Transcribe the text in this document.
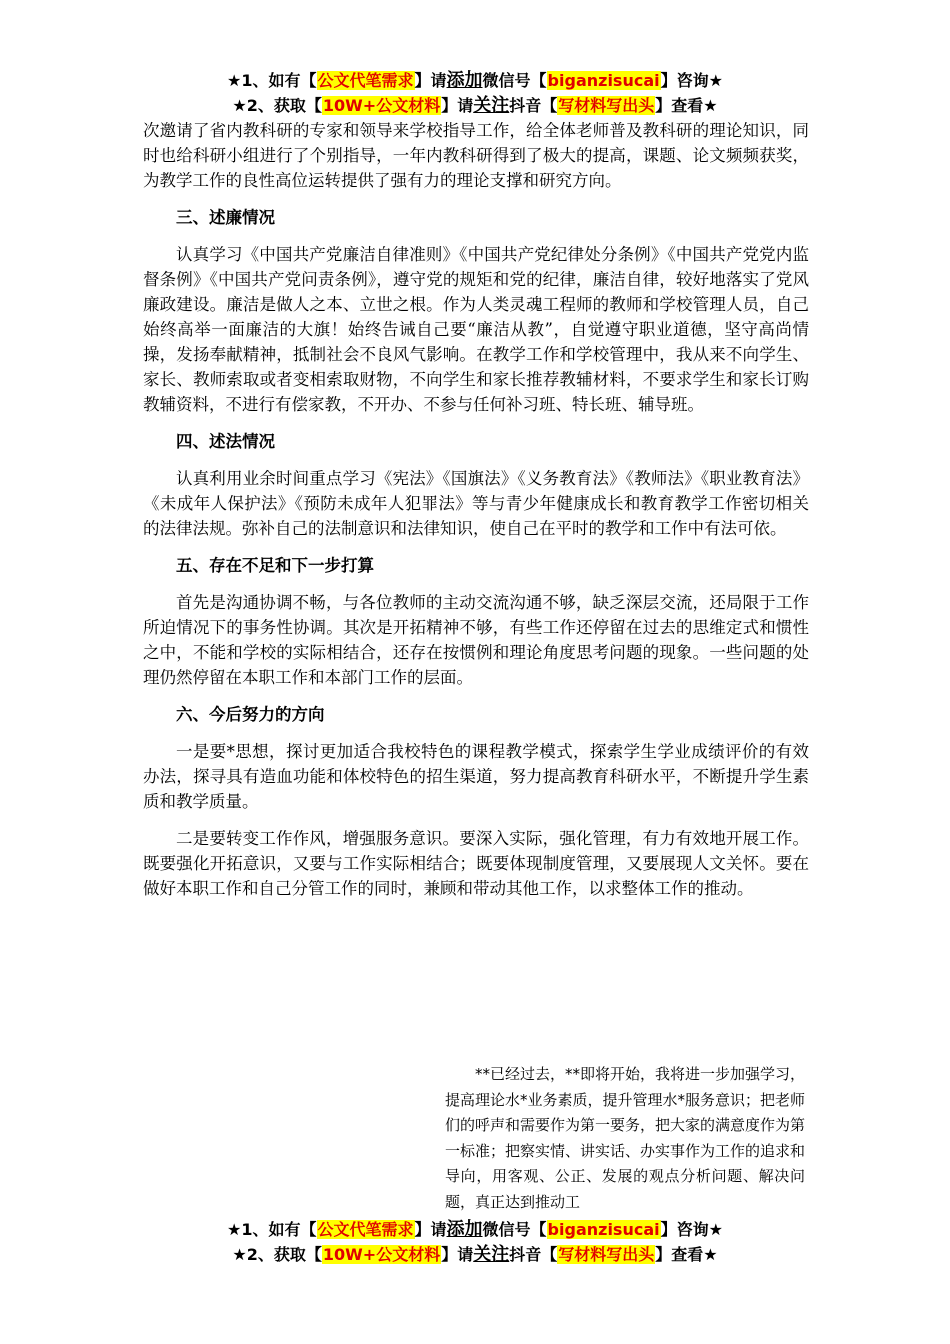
★1、如有【公文代笔需求】请添加微信号【biganzisucai】咨询★
★2、获取【10W+公文材料】请关注抖音【写材料写出头】查看★

次邀请了省内教科研的专家和领导来学校指导工作，给全体老师普及教科研的理论知识，同时也给科研小组进行了个别指导，一年内教科研得到了极大的提高，课题、论文频频获奖，为教学工作的良性高位运转提供了强有力的理论支撑和研究方向。

三、述廉情况

认真学习《中国共产党廉洁自律准则》《中国共产党纪律处分条例》《中国共产党党内监督条例》《中国共产党问责条例》，遵守党的规矩和党的纪律，廉洁自律，较好地落实了党风廉政建设。廉洁是做人之本、立世之根。作为人类灵魂工程师的教师和学校管理人员，自己始终高举一面廉洁的大旗！始终告诫自己要“廉洁从教”，自觉遵守职业道德，坚守高尚情操，发扬奉献精神，抵制社会不良风气影响。在教学工作和学校管理中，我从来不向学生、家长、教师索取或者变相索取财物，不向学生和家长推荐教辅材料，不要求学生和家长订购教辅资料，不进行有偿家教，不开办、不参与任何补习班、特长班、辅导班。

四、述法情况

认真利用业余时间重点学习《宪法》《国旗法》《义务教育法》《教师法》《职业教育法》《未成年人保护法》《预防未成年人犯罪法》等与青少年健康成长和教育教学工作密切相关的法律法规。弥补自己的法制意识和法律知识，使自己在平时的教学和工作中有法可依。

五、存在不足和下一步打算

首先是沟通协调不畅，与各位教师的主动交流沟通不够，缺乏深层交流，还局限于工作所迫情况下的事务性协调。其次是开拓精神不够，有些工作还停留在过去的思维定式和惯性之中，不能和学校的实际相结合，还存在按惯例和理论角度思考问题的现象。一些问题的处理仍然停留在本职工作和本部门工作的层面。

六、今后努力的方向

一是要*思想，探讨更加适合我校特色的课程教学模式，探索学生学业成绩评价的有效办法，探寻具有造血功能和体校特色的招生渠道，努力提高教育科研水平，不断提升学生素质和教学质量。

二是要转变工作作风，增强服务意识。要深入实际，强化管理，有力有效地开展工作。既要强化开拓意识，又要与工作实际相结合；既要体现制度管理，又要展现人文关怀。要在做好本职工作和自己分管工作的同时，兼顾和带动其他工作，以求整体工作的推动。

**已经过去，**即将开始，我将进一步加强学习，提高理论水*业务素质，提升管理水*服务意识；把老师们的呼声和需要作为第一要务，把大家的满意度作为第一标准；把察实情、讲实话、办实事作为工作的追求和导向，用客观、公正、发展的观点分析问题、解决问题，真正达到推动工
★1、如有【公文代笔需求】请添加微信号【biganzisucai】咨询★
★2、获取【10W+公文材料】请关注抖音【写材料写出头】查看★
